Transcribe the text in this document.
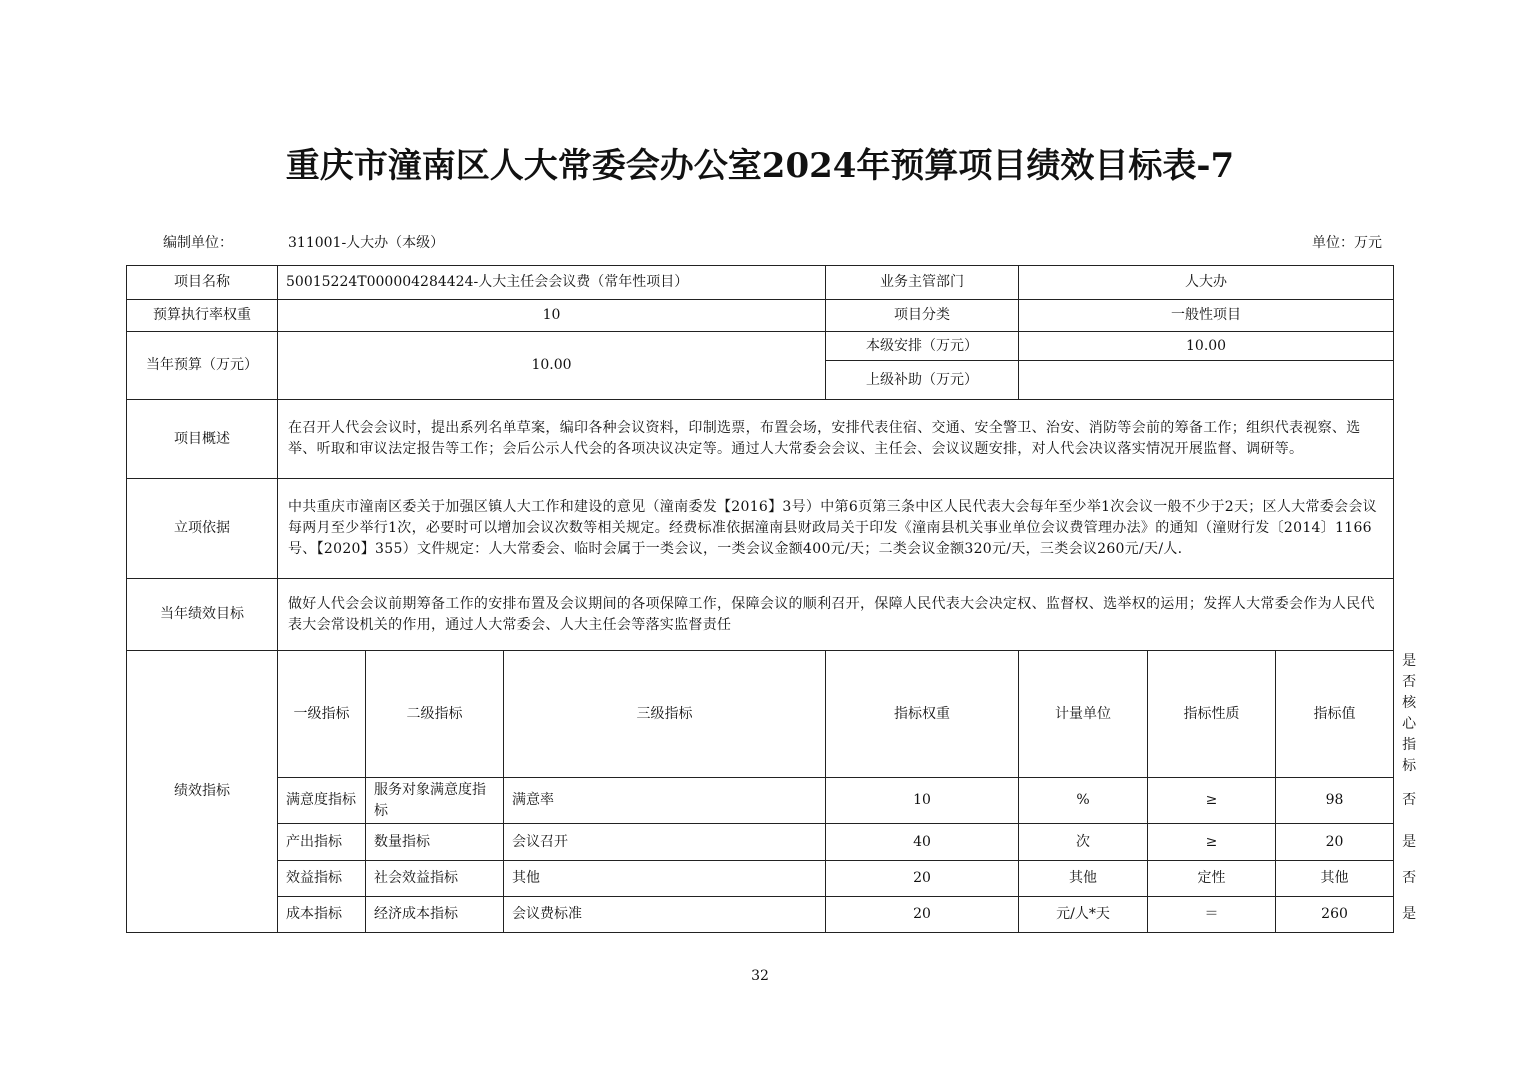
重庆市潼南区人大常委会办公室2024年预算项目绩效目标表-7
编制单位：	311001-人大办（本级）	单位：万元
项目名称	50015224T000004284424-人大主任会会议费（常年性项目）			业务主管部门	人大办			
预算执行率权重	10			项目分类	一般性项目			
当年预算（万元）	10.00			本级安排（万元）	10.00			
				上级补助（万元）				
项目概述	在召开人代会会议时，提出系列名单草案，编印各种会议资料，印制选票，布置会场，安排代表住宿、交通、安全警卫、治安、消防等会前的筹备工作；组织代表视察、选举、听取和审议法定报告等工作；会后公示人代会的各项决议决定等。通过人大常委会会议、主任会、会议议题安排，对人代会决议落实情况开展监督、调研等。							
立项依据	中共重庆市潼南区委关于加强区镇人大工作和建设的意见（潼南委发【2016】3号）中第6页第三条中区人民代表大会每年至少举1次会议一般不少于2天；区人大常委会会议每两月至少举行1次，必要时可以增加会议次数等相关规定。经费标准依据潼南县财政局关于印发《潼南县机关事业单位会议费管理办法》的通知（潼财行发〔2014〕1166号、【2020】355）文件规定：人大常委会、临时会属于一类会议，一类会议金额400元/天；二类会议金额320元/天，三类会议260元/天/人.							
当年绩效目标	做好人代会会议前期筹备工作的安排布置及会议期间的各项保障工作，保障会议的顺利召开，保障人民代表大会决定权、监督权、选举权的运用；发挥人大常委会作为人民代表大会常设机关的作用，通过人大常委会、人大主任会等落实监督责任							
绩效指标	一级指标	二级指标	三级指标	指标权重	计量单位	指标性质	指标值	是否核心指标
	满意度指标	服务对象满意度指标	满意率	10	%	≥	98	否
	产出指标	数量指标	会议召开	40	次	≥	20	是
	效益指标	社会效益指标	其他	20	其他	定性	其他	否
	成本指标	经济成本指标	会议费标准	20	元/人*天	＝	260	是
32
